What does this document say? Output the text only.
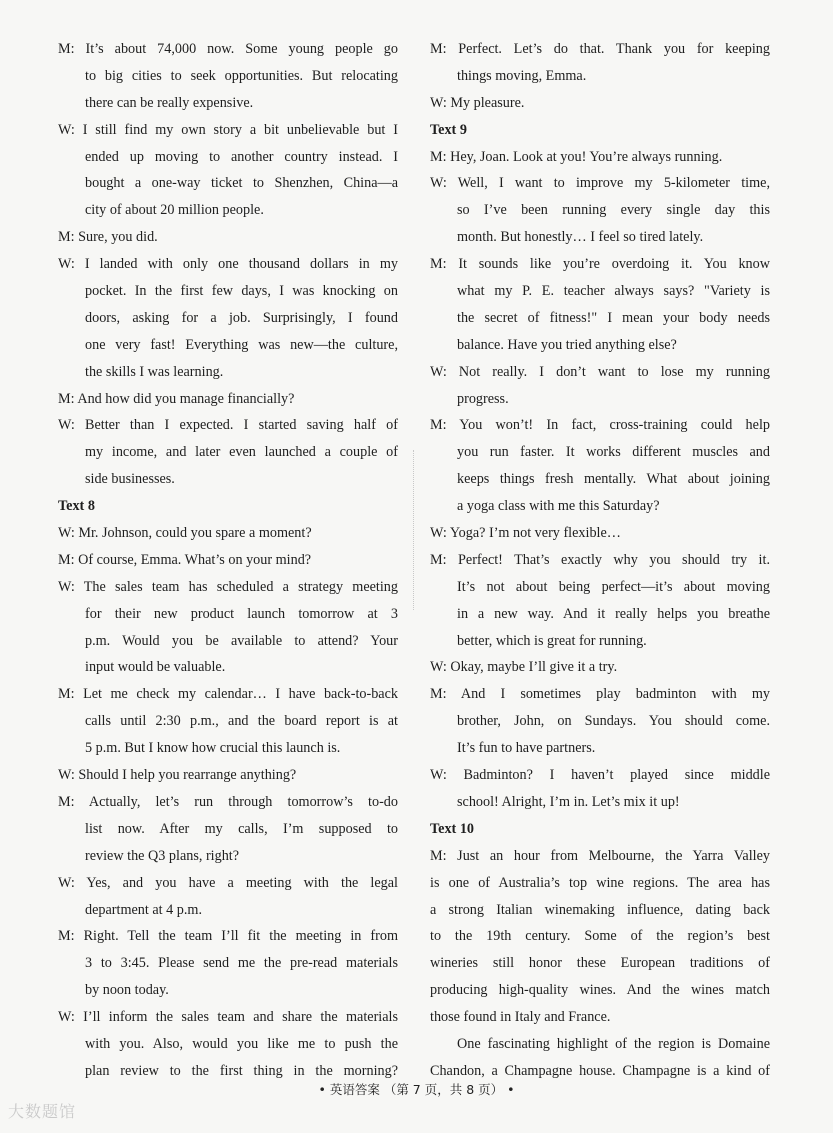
M: It’s about 74,000 now. Some young people go
to big cities to seek opportunities. But relocating
there can be really expensive.
W: I still find my own story a bit unbelievable but I
ended up moving to another country instead. I
bought a one-way ticket to Shenzhen, China—a
city of about 20 million people.
M: Sure, you did.
W: I landed with only one thousand dollars in my
pocket. In the first few days, I was knocking on
doors, asking for a job. Surprisingly, I found
one very fast! Everything was new—the culture,
the skills I was learning.
M: And how did you manage financially?
W: Better than I expected. I started saving half of
my income, and later even launched a couple of
side businesses.
Text 8
W: Mr. Johnson, could you spare a moment?
M: Of course, Emma. What’s on your mind?
W: The sales team has scheduled a strategy meeting
for their new product launch tomorrow at 3
p.m. Would you be available to attend? Your
input would be valuable.
M: Let me check my calendar… I have back-to-back
calls until 2:30 p.m., and the board report is at
5 p.m. But I know how crucial this launch is.
W: Should I help you rearrange anything?
M: Actually, let’s run through tomorrow’s to-do
list now. After my calls, I’m supposed to
review the Q3 plans, right?
W: Yes, and you have a meeting with the legal
department at 4 p.m.
M: Right. Tell the team I’ll fit the meeting in from
3 to 3:45. Please send me the pre-read materials
by noon today.
W: I’ll inform the sales team and share the materials
with you. Also, would you like me to push the
plan review to the first thing in the morning?
M: Perfect. Let’s do that. Thank you for keeping
things moving, Emma.
W: My pleasure.
Text 9
M: Hey, Joan. Look at you! You’re always running.
W: Well, I want to improve my 5-kilometer time,
so I’ve been running every single day this
month. But honestly… I feel so tired lately.
M: It sounds like you’re overdoing it. You know
what my P. E. teacher always says? "Variety is
the secret of fitness!" I mean your body needs
balance. Have you tried anything else?
W: Not really. I don’t want to lose my running
progress.
M: You won’t! In fact, cross-training could help
you run faster. It works different muscles and
keeps things fresh mentally. What about joining
a yoga class with me this Saturday?
W: Yoga? I’m not very flexible…
M: Perfect! That’s exactly why you should try it.
It’s not about being perfect—it’s about moving
in a new way. And it really helps you breathe
better, which is great for running.
W: Okay, maybe I’ll give it a try.
M: And I sometimes play badminton with my
brother, John, on Sundays. You should come.
It’s fun to have partners.
W: Badminton? I haven’t played since middle
school! Alright, I’m in. Let’s mix it up!
Text 10
M: Just an hour from Melbourne, the Yarra Valley
is one of Australia’s top wine regions. The area has
a strong Italian winemaking influence, dating back
to the 19th century. Some of the region’s best
wineries still honor these European traditions of
producing high-quality wines. And the wines match
those found in Italy and France.
One fascinating highlight of the region is Domaine
Chandon, a Champagne house. Champagne is a kind of
• 英语答案 （第 7 页，共 8 页） •
大数题馆
